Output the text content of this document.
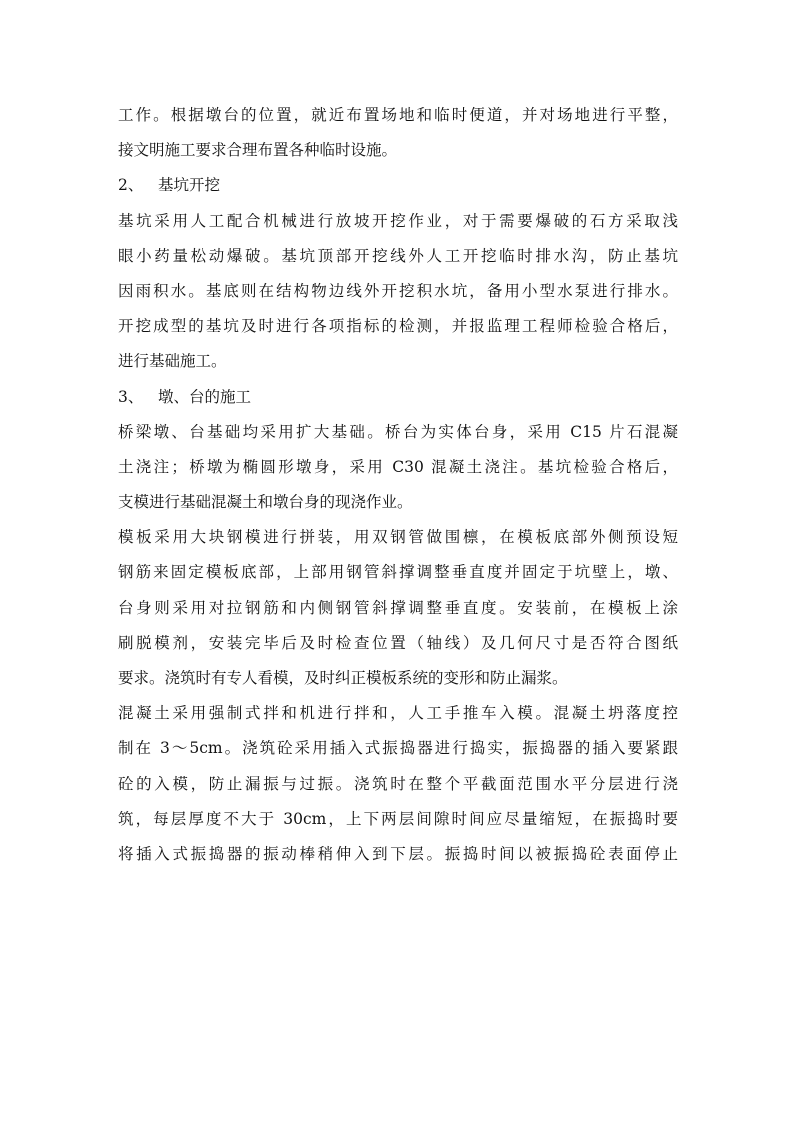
工作。根据墩台的位置，就近布置场地和临时便道，并对场地进行平整，
接文明施工要求合理布置各种临时设施。
2、 基坑开挖
基坑采用人工配合机械进行放坡开挖作业，对于需要爆破的石方采取浅
眼小药量松动爆破。基坑顶部开挖线外人工开挖临时排水沟，防止基坑
因雨积水。基底则在结构物边线外开挖积水坑，备用小型水泵进行排水。
开挖成型的基坑及时进行各项指标的检测，并报监理工程师检验合格后，
进行基础施工。
3、 墩、台的施工
桥梁墩、台基础均采用扩大基础。桥台为实体台身，采用 C15 片石混凝
土浇注；桥墩为椭圆形墩身，采用 C30 混凝土浇注。基坑检验合格后，
支模进行基础混凝土和墩台身的现浇作业。
模板采用大块钢模进行拼装，用双钢管做围檩，在模板底部外侧预设短
钢筋来固定模板底部，上部用钢管斜撑调整垂直度并固定于坑壁上，墩、
台身则采用对拉钢筋和内侧钢管斜撑调整垂直度。安装前，在模板上涂
刷脱模剂，安装完毕后及时检查位置（轴线）及几何尺寸是否符合图纸
要求。浇筑时有专人看模，及时纠正模板系统的变形和防止漏浆。
混凝土采用强制式拌和机进行拌和，人工手推车入模。混凝土坍落度控
制在 3～5cm。浇筑砼采用插入式振捣器进行捣实，振捣器的插入要紧跟
砼的入模，防止漏振与过振。浇筑时在整个平截面范围水平分层进行浇
筑，每层厚度不大于 30cm，上下两层间隙时间应尽量缩短，在振捣时要
将插入式振捣器的振动棒稍伸入到下层。振捣时间以被振捣砼表面停止
